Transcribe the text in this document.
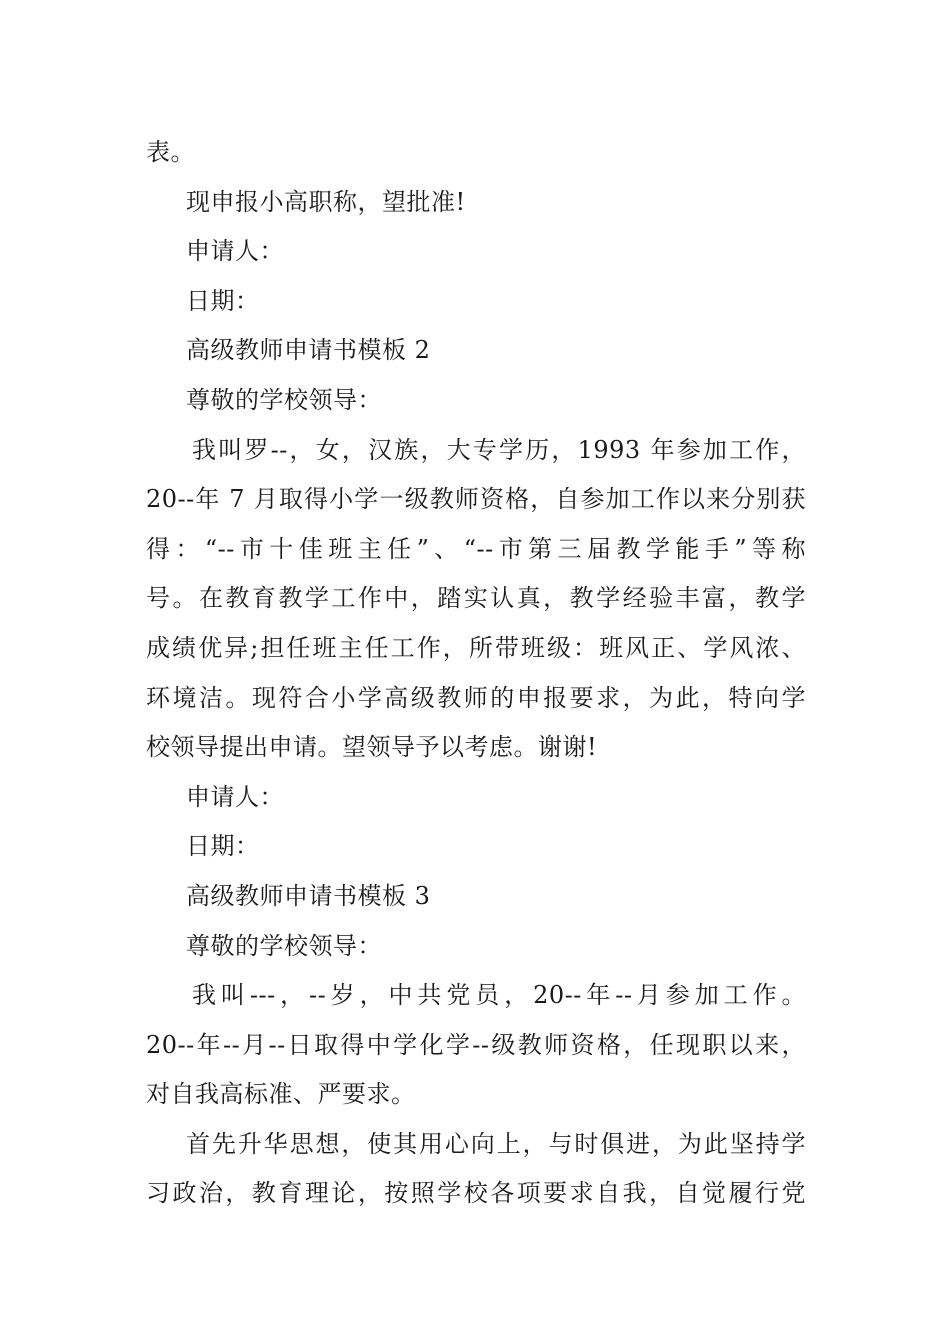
表。
现申报小高职称，望批准!
申请人：
日期：
高级教师申请书模板 2
尊敬的学校领导：
我叫罗--，女，汉族，大专学历，1993 年参加工作，
20--年 7 月取得小学一级教师资格，自参加工作以来分别获
得：“--市十佳班主任”、“--市第三届教学能手”等称
号。在教育教学工作中，踏实认真，教学经验丰富，教学
成绩优异;担任班主任工作，所带班级：班风正、学风浓、
环境洁。现符合小学高级教师的申报要求，为此，特向学
校领导提出申请。望领导予以考虑。谢谢!
申请人：
日期：
高级教师申请书模板 3
尊敬的学校领导：
我叫---，--岁，中共党员，20--年--月参加工作。
20--年--月--日取得中学化学--级教师资格，任现职以来，
对自我高标准、严要求。
首先升华思想，使其用心向上，与时俱进，为此坚持学
习政治，教育理论，按照学校各项要求自我，自觉履行党
